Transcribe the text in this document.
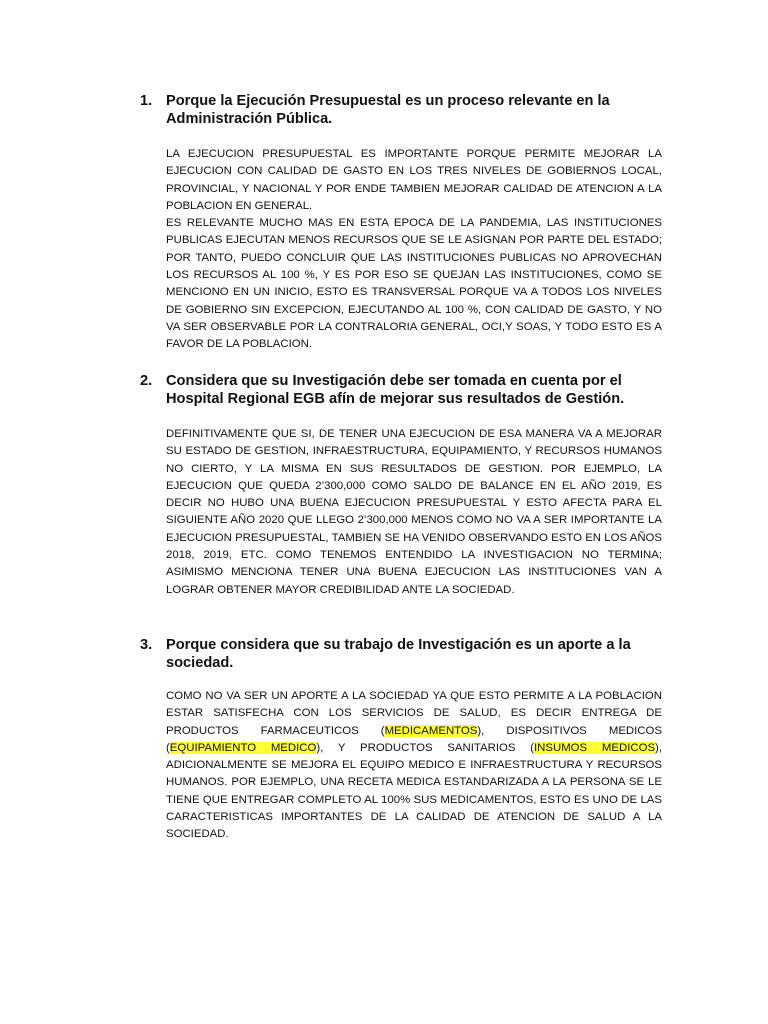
1. Porque la Ejecución Presupuestal es un proceso relevante en la Administración Pública.

LA EJECUCION PRESUPUESTAL ES IMPORTANTE PORQUE PERMITE MEJORAR LA EJECUCION CON CALIDAD DE GASTO EN LOS TRES NIVELES DE GOBIERNOS LOCAL, PROVINCIAL, Y NACIONAL Y POR ENDE TAMBIEN MEJORAR CALIDAD DE ATENCION A LA POBLACION EN GENERAL.

ES RELEVANTE MUCHO MAS EN ESTA EPOCA DE LA PANDEMIA, LAS INSTITUCIONES PUBLICAS EJECUTAN MENOS RECURSOS QUE SE LE ASIGNAN POR PARTE DEL ESTADO; POR TANTO, PUEDO CONCLUIR QUE LAS INSTITUCIONES PUBLICAS NO APROVECHAN LOS RECURSOS AL 100 %, Y ES POR ESO SE QUEJAN LAS INSTITUCIONES, COMO SE MENCIONO EN UN INICIO, ESTO ES TRANSVERSAL PORQUE VA A TODOS LOS NIVELES DE GOBIERNO SIN EXCEPCION, EJECUTANDO AL 100 %, CON CALIDAD DE GASTO, Y NO VA SER OBSERVABLE POR LA CONTRALORIA GENERAL, OCI,Y SOAS, Y TODO ESTO ES A FAVOR DE LA POBLACION.

2. Considera que su Investigación debe ser tomada en cuenta por el Hospital Regional EGB afín de mejorar sus resultados de Gestión.

DEFINITIVAMENTE QUE SI, DE TENER UNA EJECUCION DE ESA MANERA VA A MEJORAR SU ESTADO DE GESTION, INFRAESTRUCTURA, EQUIPAMIENTO, Y RECURSOS HUMANOS NO CIERTO, Y LA MISMA EN SUS RESULTADOS DE GESTION. POR EJEMPLO, LA EJECUCION QUE QUEDA 2’300,000 COMO SALDO DE BALANCE EN EL AÑO 2019, ES DECIR NO HUBO UNA BUENA EJECUCION PRESUPUESTAL Y ESTO AFECTA PARA EL SIGUIENTE AÑO 2020 QUE LLEGO 2’300,000 MENOS COMO NO VA A SER IMPORTANTE LA EJECUCION PRESUPUESTAL, TAMBIEN SE HA VENIDO OBSERVANDO ESTO EN LOS AÑOS 2018, 2019, ETC. COMO TENEMOS ENTENDIDO LA INVESTIGACION NO TERMINA; ASIMISMO MENCIONA TENER UNA BUENA EJECUCION LAS INSTITUCIONES VAN A LOGRAR OBTENER MAYOR CREDIBILIDAD ANTE LA SOCIEDAD.

3. Porque considera que su trabajo de Investigación es un aporte a la sociedad.

COMO NO VA SER UN APORTE A LA SOCIEDAD YA QUE ESTO PERMITE A LA POBLACION ESTAR SATISFECHA CON LOS SERVICIOS DE SALUD, ES DECIR ENTREGA DE PRODUCTOS FARMACEUTICOS (MEDICAMENTOS), DISPOSITIVOS MEDICOS (EQUIPAMIENTO MEDICO), Y PRODUCTOS SANITARIOS (INSUMOS MEDICOS), ADICIONALMENTE SE MEJORA EL EQUIPO MEDICO E INFRAESTRUCTURA Y RECURSOS HUMANOS. POR EJEMPLO, UNA RECETA MEDICA ESTANDARIZADA A LA PERSONA SE LE TIENE QUE ENTREGAR COMPLETO AL 100% SUS MEDICAMENTOS, ESTO ES UNO DE LAS CARACTERISTICAS IMPORTANTES DE LA CALIDAD DE ATENCION DE SALUD A LA SOCIEDAD.
